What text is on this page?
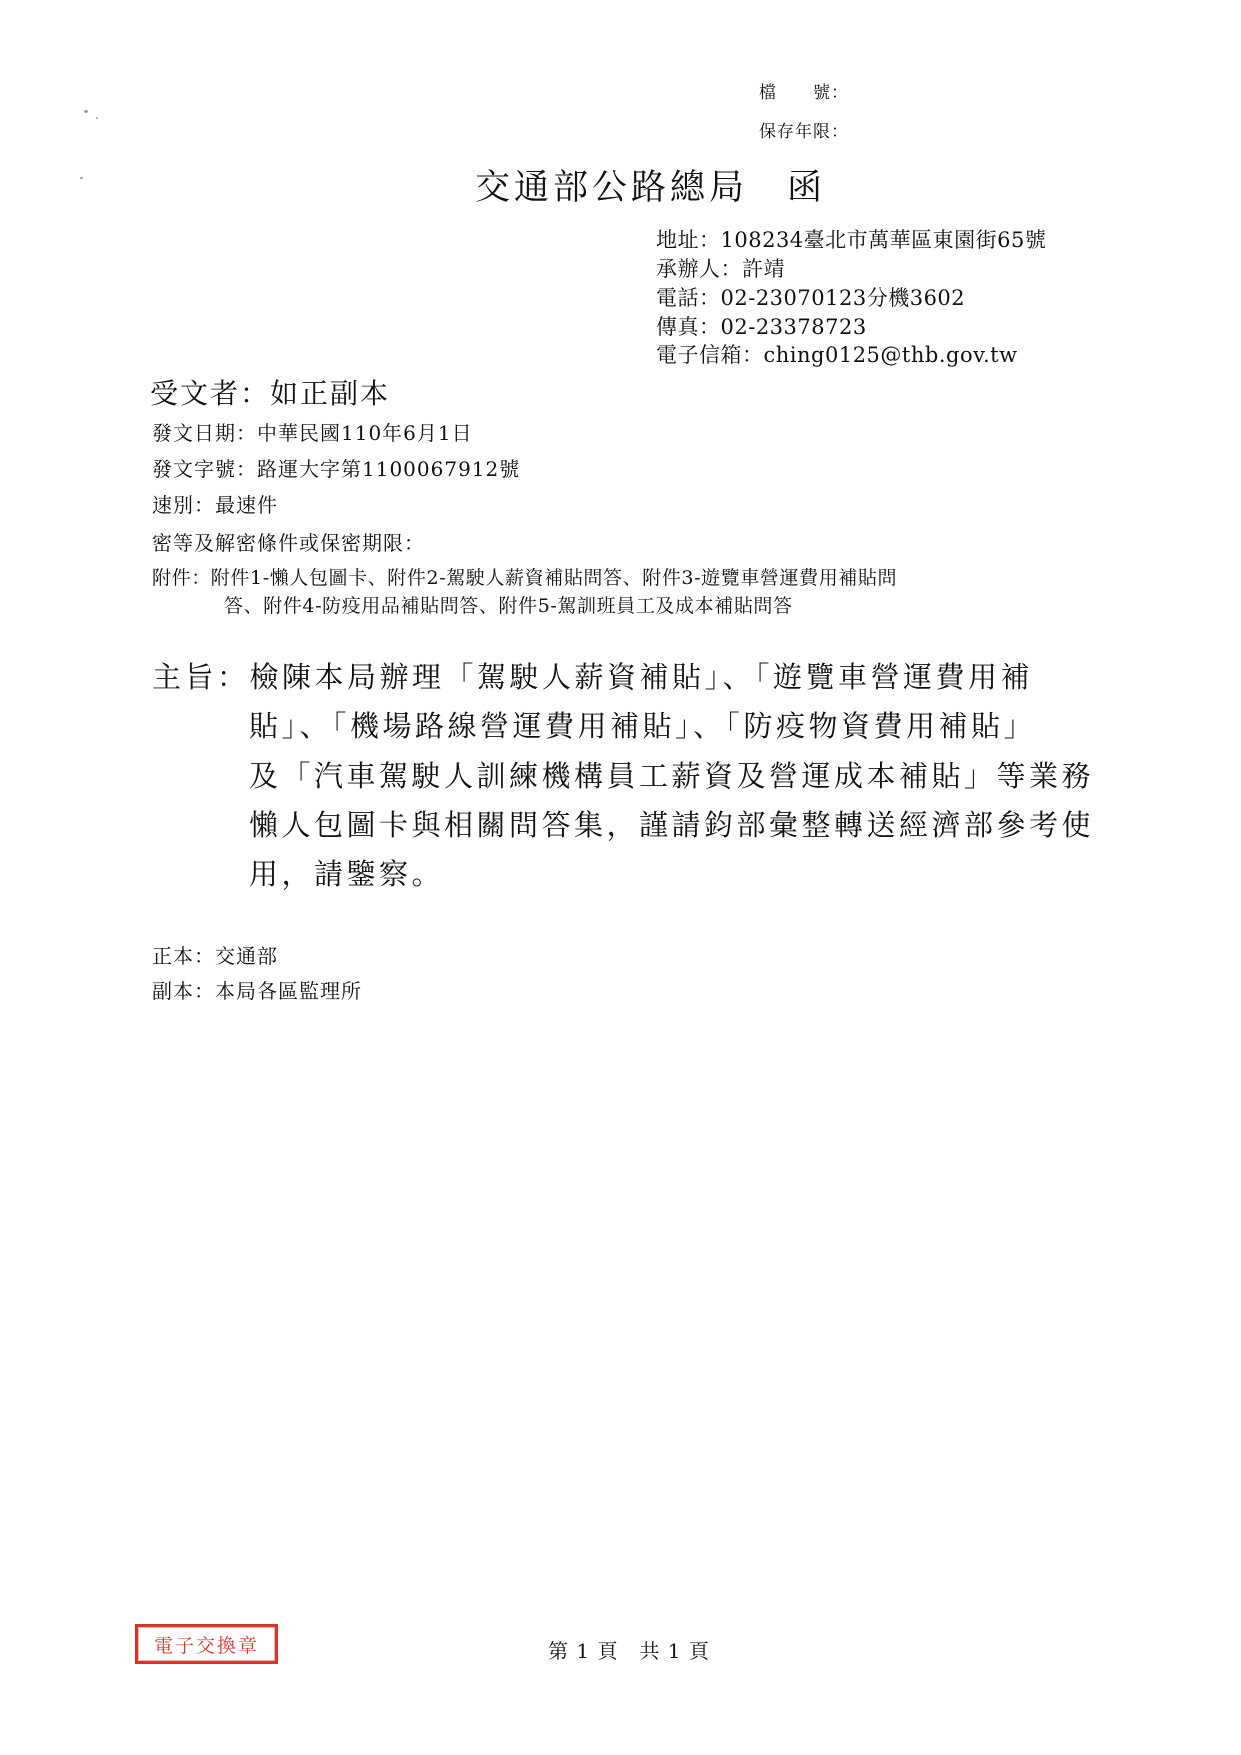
檔　　號：
保存年限：
交通部公路總局　函
地址：108234臺北市萬華區東園街65號
承辦人：許靖
電話：02-23070123分機3602
傳真：02-23378723
電子信箱：ching0125@thb.gov.tw
受文者：如正副本
發文日期：中華民國110年6月1日
發文字號：路運大字第1100067912號
速別：最速件
密等及解密條件或保密期限：
附件：附件1-懶人包圖卡、附件2-駕駛人薪資補貼問答、附件3-遊覽車營運費用補貼問
答、附件4-防疫用品補貼問答、附件5-駕訓班員工及成本補貼問答
主旨：檢陳本局辦理「駕駛人薪資補貼」、「遊覽車營運費用補
貼」、「機場路線營運費用補貼」、「防疫物資費用補貼」
及「汽車駕駛人訓練機構員工薪資及營運成本補貼」等業務
懶人包圖卡與相關問答集，謹請鈞部彙整轉送經濟部參考使
用，請鑒察。
正本：交通部
副本：本局各區監理所
電子交換章	第 1 頁　共 1 頁
